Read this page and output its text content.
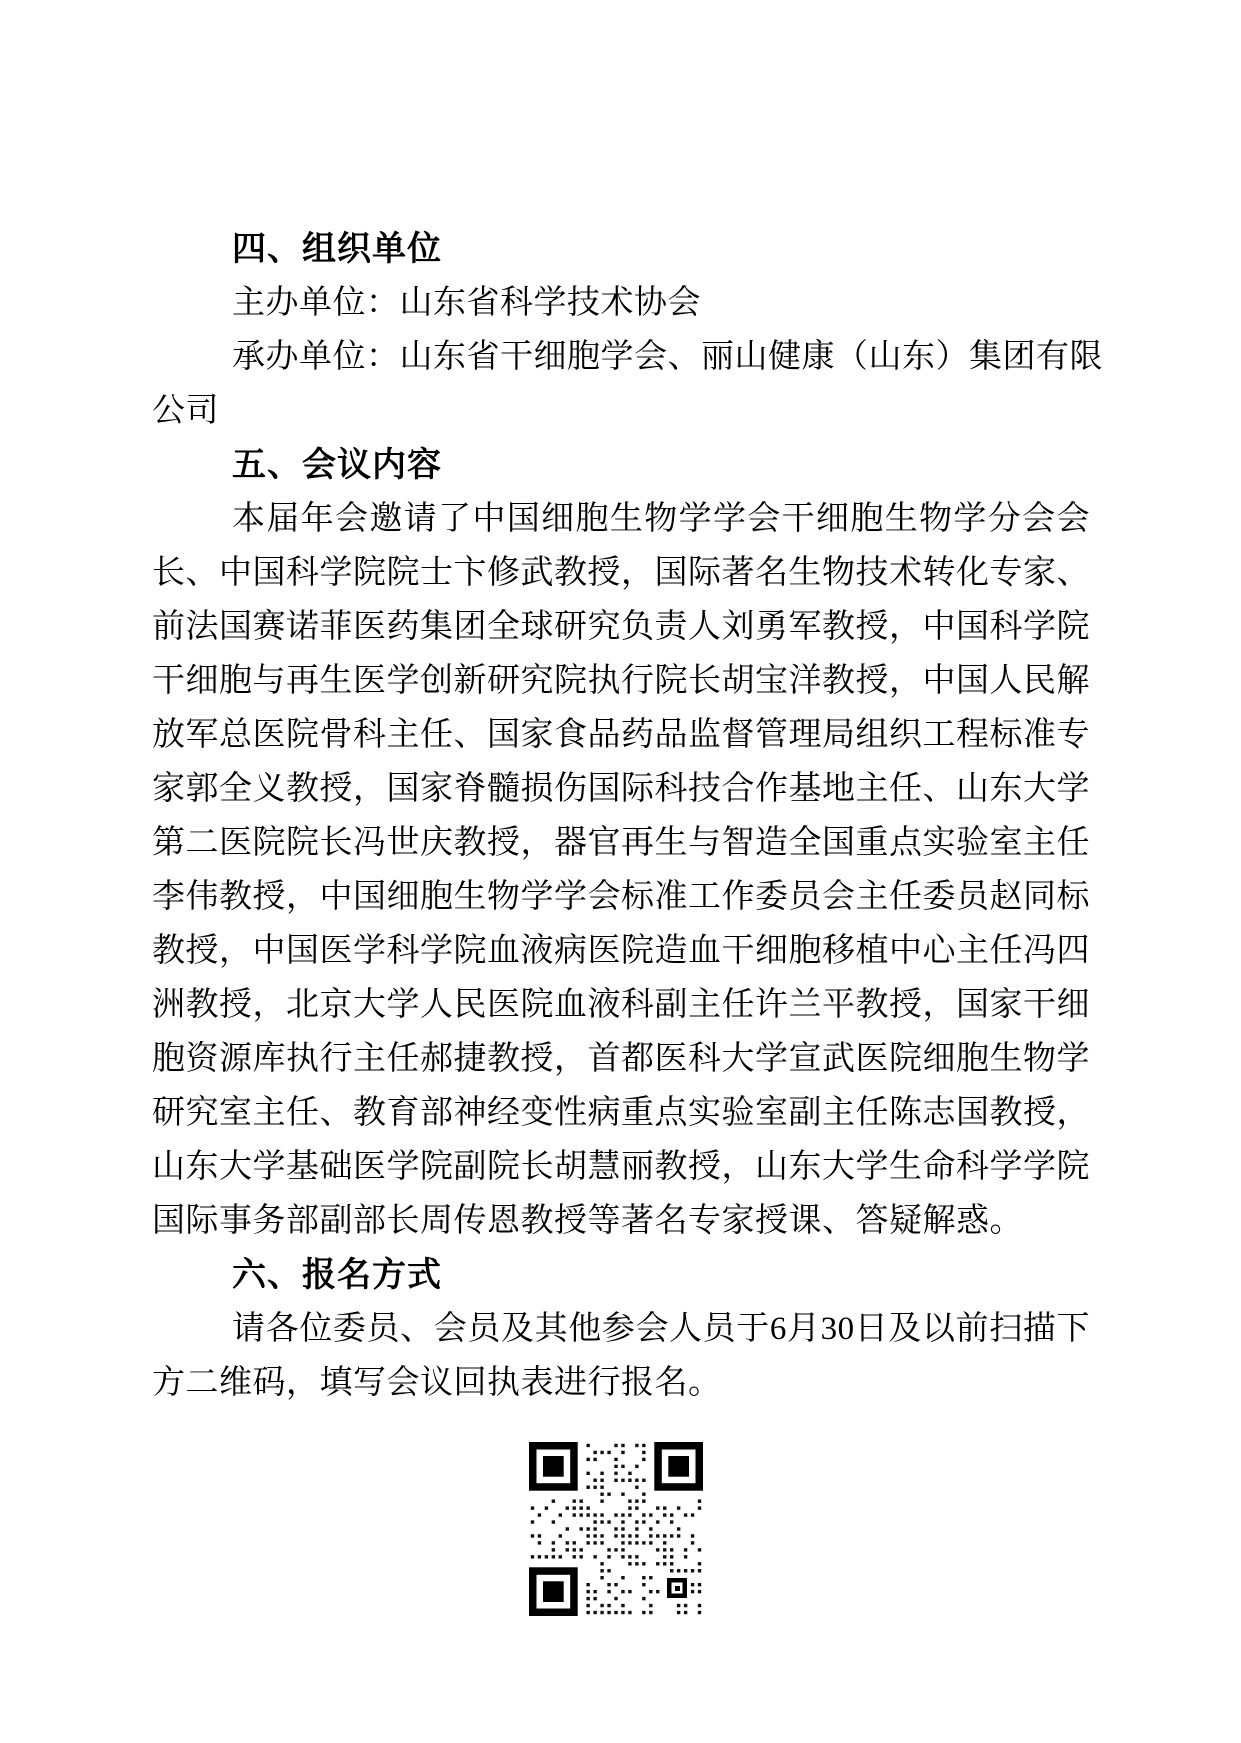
四、组织单位
主办单位：山东省科学技术协会
承办单位：山东省干细胞学会、丽山健康（山东）集团有限
公司
五、会议内容
本届年会邀请了中国细胞生物学学会干细胞生物学分会会
长、中国科学院院士卞修武教授，国际著名生物技术转化专家、
前法国赛诺菲医药集团全球研究负责人刘勇军教授，中国科学院
干细胞与再生医学创新研究院执行院长胡宝洋教授，中国人民解
放军总医院骨科主任、国家食品药品监督管理局组织工程标准专
家郭全义教授，国家脊髓损伤国际科技合作基地主任、山东大学
第二医院院长冯世庆教授，器官再生与智造全国重点实验室主任
李伟教授，中国细胞生物学学会标准工作委员会主任委员赵同标
教授，中国医学科学院血液病医院造血干细胞移植中心主任冯四
洲教授，北京大学人民医院血液科副主任许兰平教授，国家干细
胞资源库执行主任郝捷教授，首都医科大学宣武医院细胞生物学
研究室主任、教育部神经变性病重点实验室副主任陈志国教授，
山东大学基础医学院副院长胡慧丽教授，山东大学生命科学学院
国际事务部副部长周传恩教授等著名专家授课、答疑解惑。
六、报名方式
请各位委员、会员及其他参会人员于6月30日及以前扫描下
方二维码，填写会议回执表进行报名。
